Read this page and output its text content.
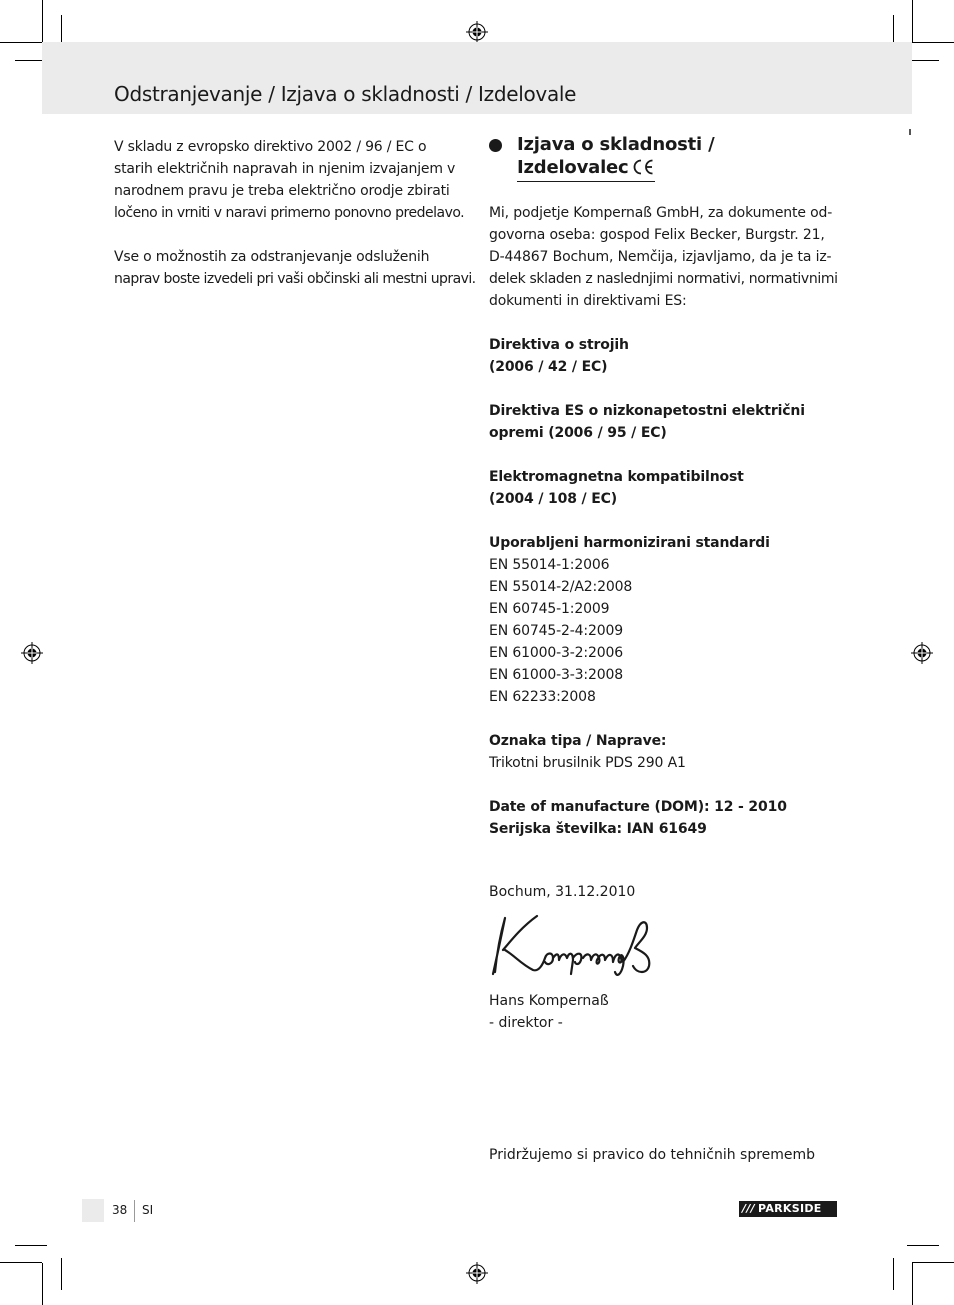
Odstranjevanje / Izjava o skladnosti / Izdelovale

V skladu z evropsko direktivo 2002 / 96 / EC o
starih električnih napravah in njenim izvajanjem v
narodnem pravu je treba električno orodje zbirati
ločeno in vrniti v naravi primerno ponovno predelavo.

Vse o možnostih za odstranjevanje odsluženih
naprav boste izvedeli pri vaši občinski ali mestni upravi.

Izjava o skladnosti /
Izdelovalec

Mi, podjetje Kompernaß GmbH, za dokumente od-
govorna oseba: gospod Felix Becker, Burgstr. 21,
D-44867 Bochum, Nemčija, izjavljamo, da je ta iz-
delek skladen z naslednjimi normativi, normativnimi
dokumenti in direktivami ES:

Direktiva o strojih
(2006 / 42 / EC)

Direktiva ES o nizkonapetostni električni
opremi (2006 / 95 / EC)

Elektromagnetna kompatibilnost
(2004 / 108 / EC)

Uporabljeni harmonizirani standardi
EN 55014-1:2006
EN 55014-2/A2:2008
EN 60745-1:2009
EN 60745-2-4:2009
EN 61000-3-2:2006
EN 61000-3-3:2008
EN 62233:2008

Oznaka tipa / Naprave:
Trikotni brusilnik PDS 290 A1

Date of manufacture (DOM): 12 - 2010
Serijska številka: IAN 61649

Bochum, 31.12.2010
Hans Kompernaß
- direktor -
Pridržujemo si pravico do tehničnih sprememb
38 SI	/// PARKSIDE
